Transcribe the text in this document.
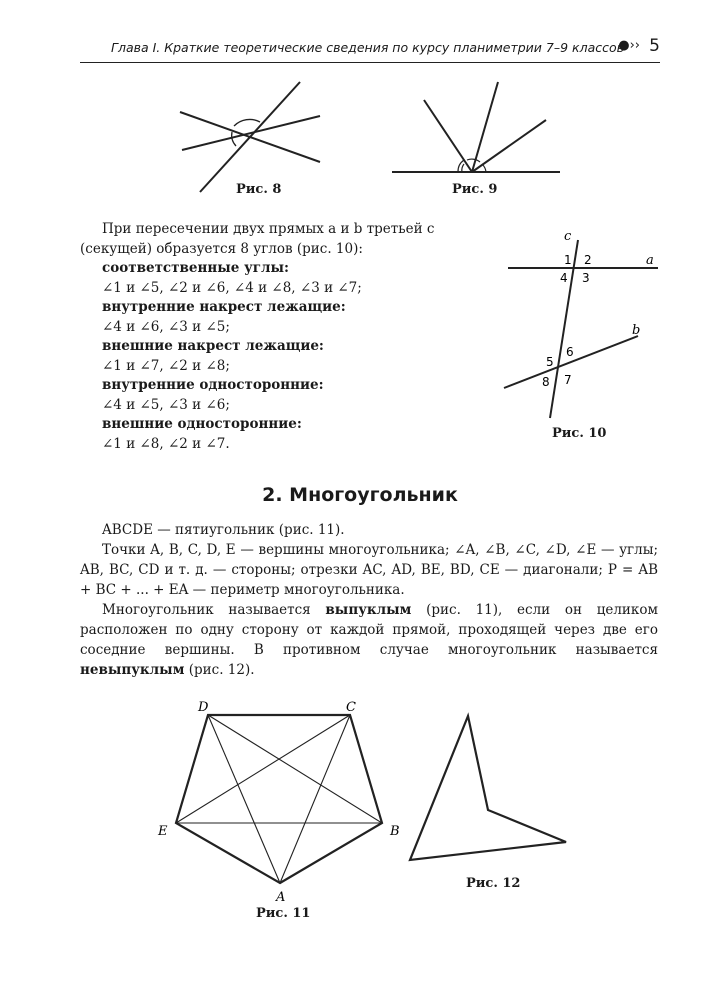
Глава I. Краткие теоретические сведения по курсу планиметрии 7–9 классов
●›› 5
Рис. 8	Рис. 9
c
a
b
1 2
4 3
6
5
7
8
Рис. 10
При пересечении двух прямых a и b третьей c
(секущей) образуется 8 углов (рис. 10):
соответственные углы:
∠1 и ∠5, ∠2 и ∠6, ∠4 и ∠8, ∠3 и ∠7;
внутренние накрест лежащие:
∠4 и ∠6, ∠3 и ∠5;
внешние накрест лежащие:
∠1 и ∠7, ∠2 и ∠8;
внутренние односторонние:
∠4 и ∠5, ∠3 и ∠6;
внешние односторонние:
∠1 и ∠8, ∠2 и ∠7.
2. Многоугольник

ABCDE — пятиугольник (рис. 11).

Точки A, B, C, D, E — вершины многоугольника; ∠A, ∠B, ∠C, ∠D, ∠E — углы; AB, BC, CD и т. д. — стороны; отрезки AC, AD, BE, BD, CE — диагонали; P = AB + BC + ... + EA — периметр многоугольника.

Многоугольник называется выпуклым (рис. 11), если он целиком расположен по одну сторону от каждой прямой, проходящей через две его соседние вершины. В противном случае многоугольник называется невыпуклым (рис. 12).

D	C
E	B
A
Рис. 11
Рис. 12
